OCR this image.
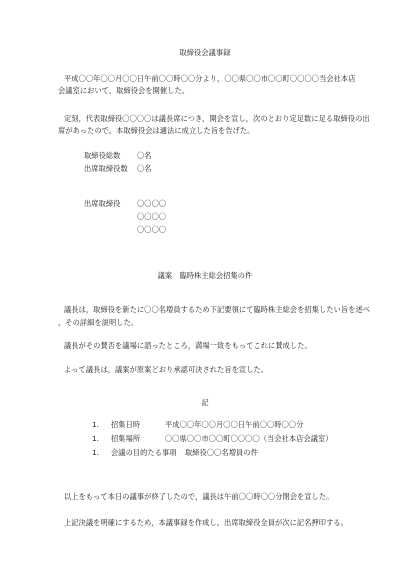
取締役会議事録
平成〇〇年〇〇月〇〇日午前〇〇時〇〇分より，〇〇県〇〇市〇〇町〇〇〇〇当会社本店
会議室において，取締役会を開催した。
定刻，代表取締役〇〇〇〇は議長席につき，開会を宣し，次のとおり定足数に足る取締役の出
席があったので，本取締役会は適法に成立した旨を告げた。
取締役総数 〇名
出席取締役数 〇名
出席取締役 〇〇〇〇
〇〇〇〇
〇〇〇〇
議案　臨時株主総会招集の件
議長は，取締役を新たに〇〇名増員するため下記要領にて臨時株主総会を招集したい旨を述べ
，その詳細を説明した。
議長がその賛否を議場に諮ったところ，満場一致をもってこれに賛成した。
よって議長は，議案が原案どおり承認可決された旨を宣した。
記
1. 招集日時	平成〇〇年〇〇月〇〇日午前〇〇時〇〇分
1. 招集場所	〇〇県〇〇市〇〇町〇〇〇〇（当会社本店会議室）
1. 会議の目的たる事項 取締役〇〇名増員の件
以上をもって本日の議事が終了したので，議長は午前〇〇時〇〇分閉会を宣した。
上記決議を明確にするため，本議事録を作成し，出席取締役全員が次に記名押印する。
